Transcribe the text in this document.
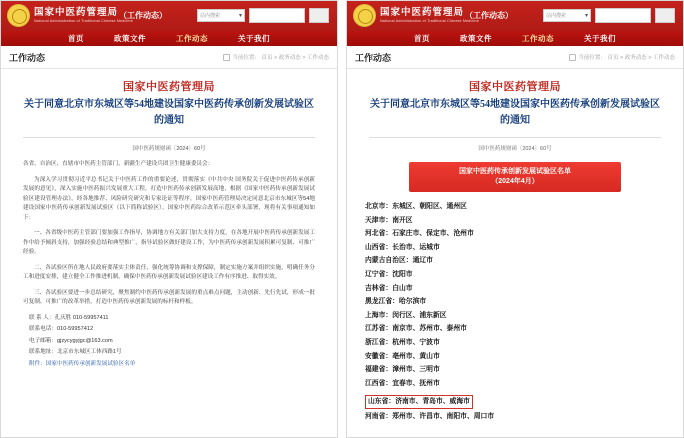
国家中医药管理局
National Administration of Traditional Chinese Medicine
（工作动态）	站内搜索	▾
首页	政策文件	工作动态	关于我们
工作动态	当前位置： 首页 > 政务动态 > 工作动态
国家中医药管理局
关于同意北京市东城区等54地建设国家中医药传承创新发展试验区的通知
国中医药规财函〔2024〕60号

各省、自治区、直辖市中医药主管部门，新疆生产建设兵团卫生健康委员会：

为深入学习贯彻习近平总书记关于中医药工作的重要论述，贯彻落实《中共中央 国务院关于促进中医药传承创新发展的意见》，深入实施中医药振兴发展重大工程，打造中医药传承创新发展高地，根据《国家中医药传承创新发展试验区建设管理办法》，经各地推荐、风险研究研究和专家论证等程序，国家中医药管理局决定同意北京市东城区等54地建设国家中医药传承创新发展试验区（以下简称试验区）。国家中医药综合改革示范区牵头部署，现将有关事项通知如下：

一、各省级中医药主管部门要加强工作指导，协调地方有关部门加大支持力度，在各地开展中医药传承创新发展工作中给予倾斜支持，加强经验总结和典型推广，指导试验区做好建设工作，为中医药传承创新发展积累可复制、可推广经验。

二、各试验区所在地人民政府要落实主体责任，强化统筹协调和支撑保障，制定实施方案并组织实施，明确任务分工和进度安排，建立健全工作推进机制，确保中医药传承创新发展试验区建设工作有序推进、取得实效。

三、各试验区要进一步总结研究，聚焦制约中医药传承创新发展的重点难点问题，主动创新、先行先试，形成一批可复制、可推广的改革举措，打造中医药传承创新发展的标杆和样板。

联 系 人：孔庆胜 010-59957411
联系电话：010-59957412
电子邮箱：gjzycygyjgc@163.com
联系地址：北京市东城区工体西路1号
附件：国家中医药传承创新发展试验区名单
国家中医药管理局
National Administration of Traditional Chinese Medicine
（工作动态）	站内搜索	▾
首页	政策文件	工作动态	关于我们
工作动态	当前位置： 首页 > 政务动态 > 工作动态
国家中医药管理局
关于同意北京市东城区等54地建设国家中医药传承创新发展试验区的通知
国中医药规财函〔2024〕60号
国家中医药传承创新发展试验区名单
（2024年4月）
北京市：东城区、朝阳区、通州区
天津市：南开区
河北省：石家庄市、保定市、沧州市
山西省：长治市、运城市
内蒙古自治区：通辽市
辽宁省：沈阳市
吉林省：白山市
黑龙江省：哈尔滨市
上海市：闵行区、浦东新区
江苏省：南京市、苏州市、泰州市
浙江省：杭州市、宁波市
安徽省：亳州市、黄山市
福建省：漳州市、三明市
江西省：宜春市、抚州市
山东省：济南市、青岛市、威海市
河南省：郑州市、许昌市、南阳市、周口市
